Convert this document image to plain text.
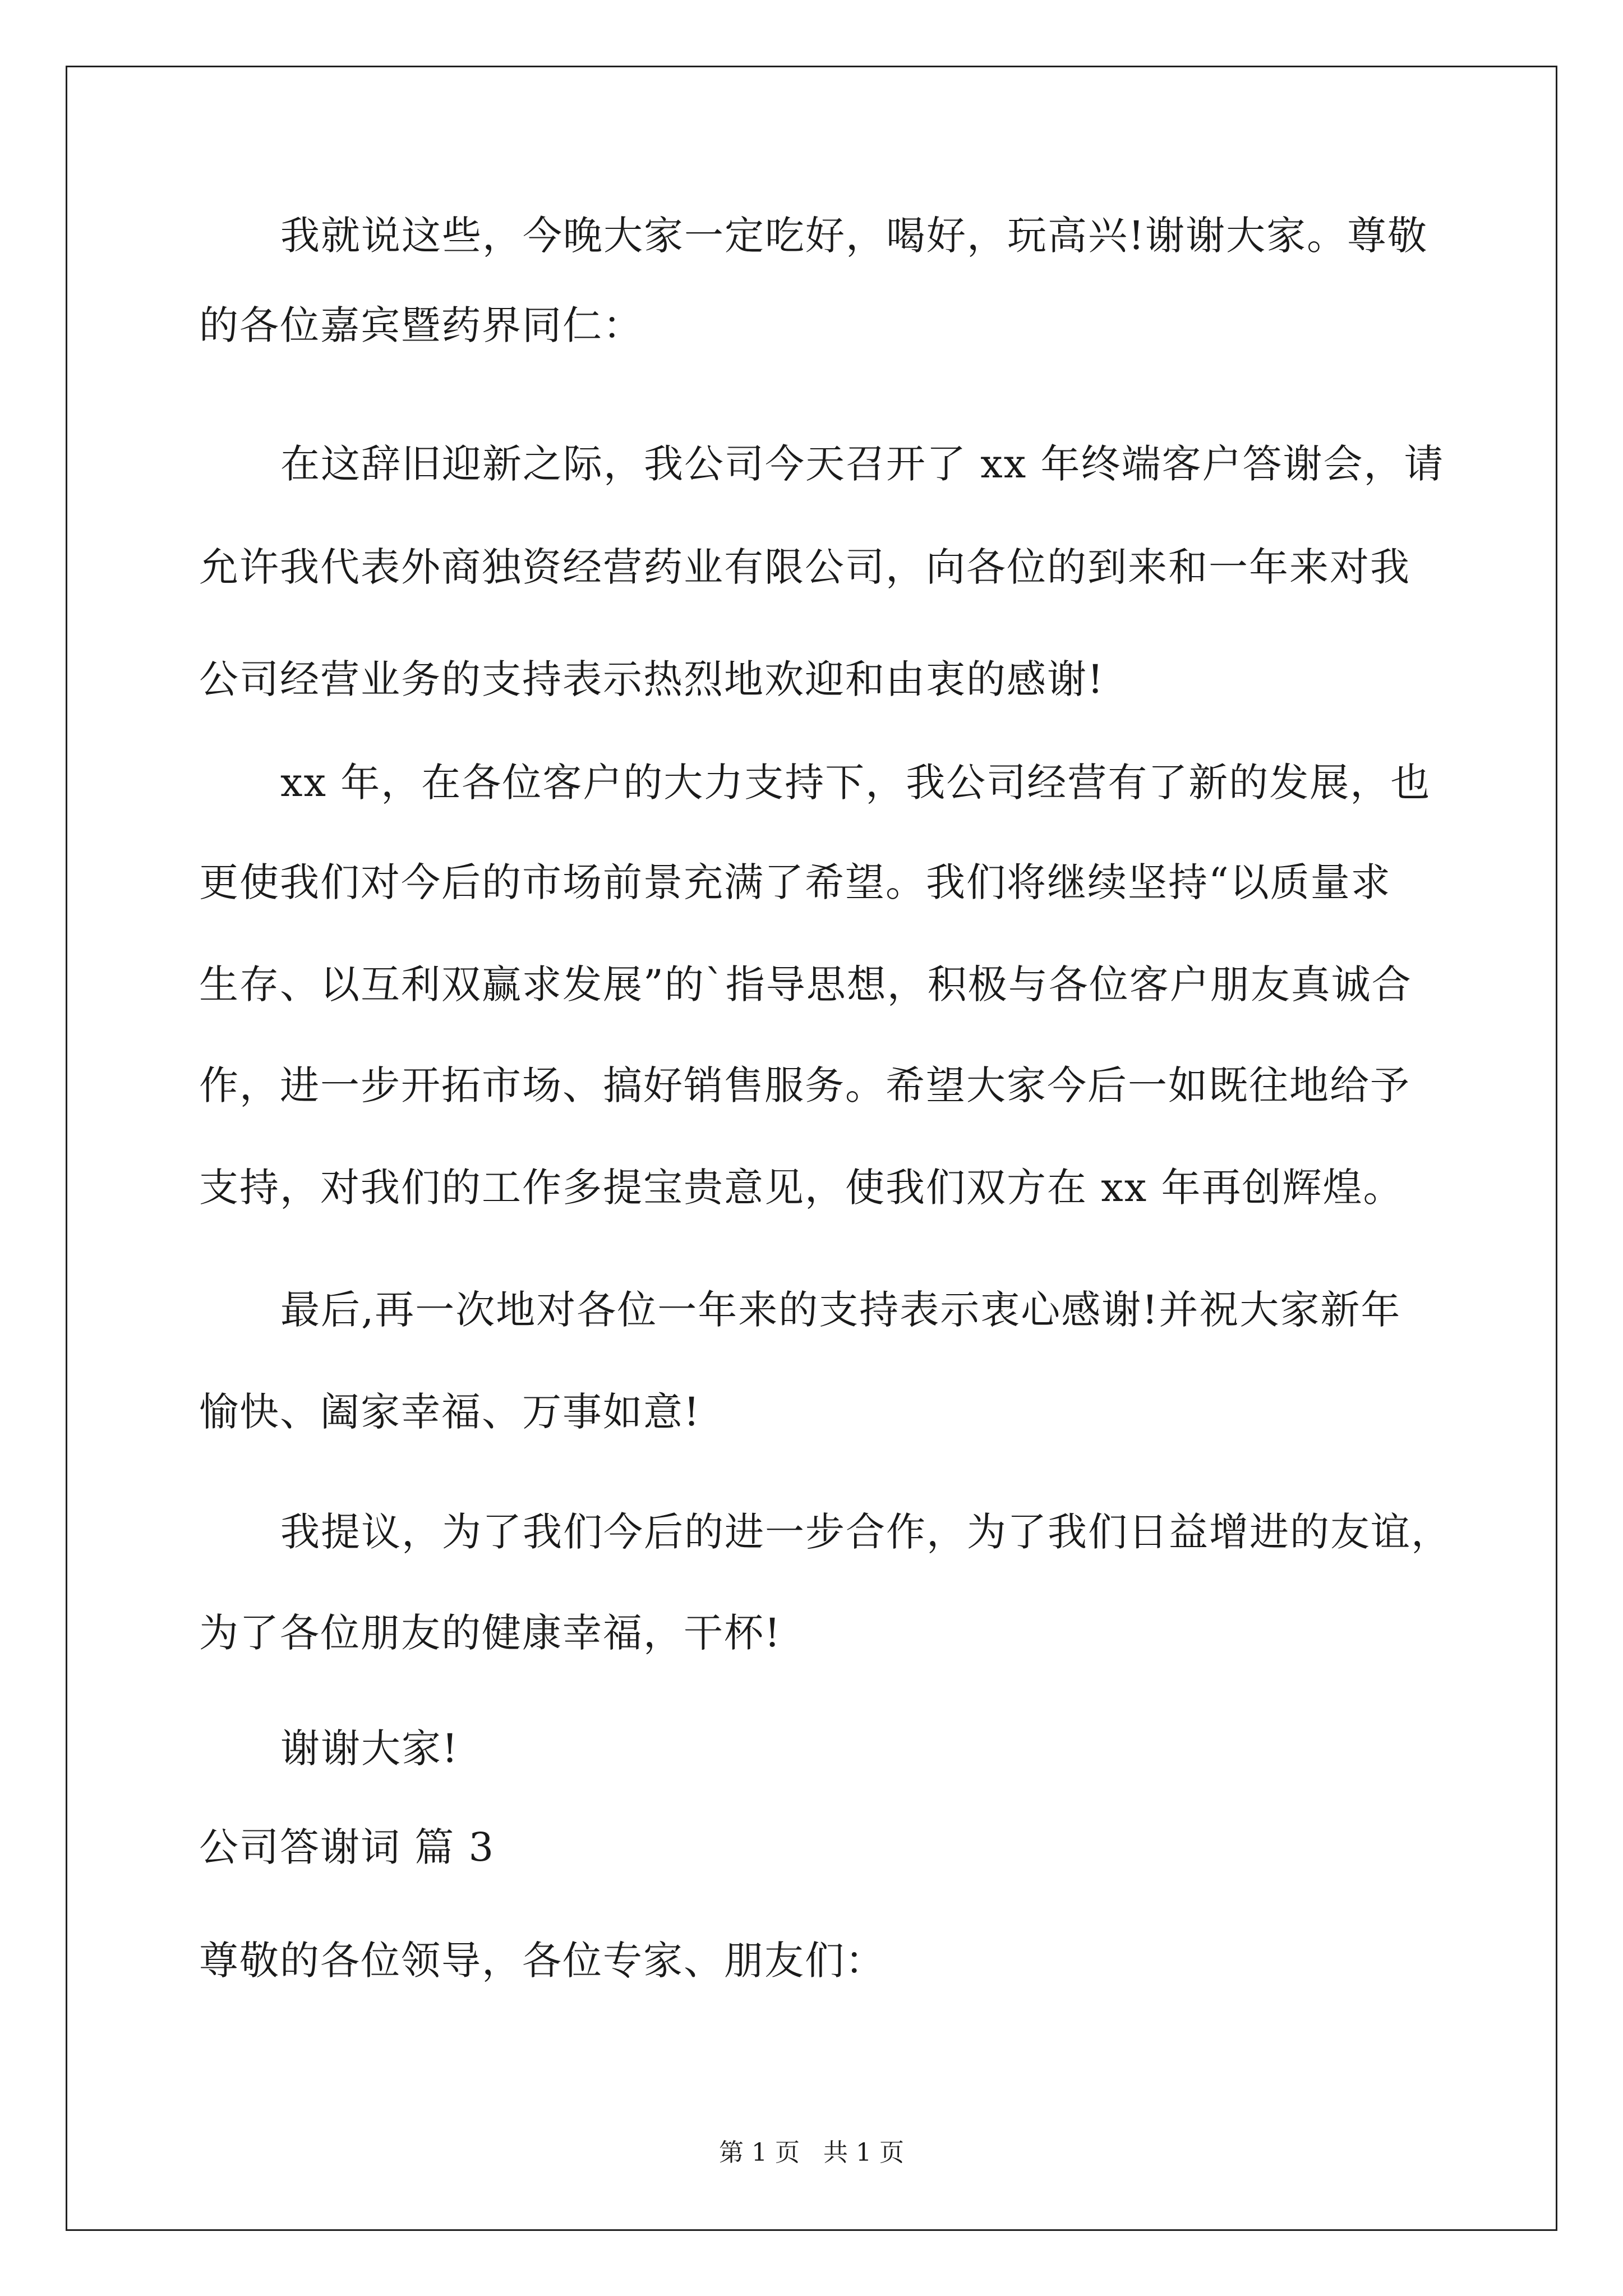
我就说这些，今晚大家一定吃好，喝好，玩高兴!谢谢大家。尊敬
的各位嘉宾暨药界同仁：
在这辞旧迎新之际，我公司今天召开了 xx 年终端客户答谢会，请
允许我代表外商独资经营药业有限公司，向各位的到来和一年来对我
公司经营业务的支持表示热烈地欢迎和由衷的感谢!
xx 年，在各位客户的大力支持下，我公司经营有了新的发展，也
更使我们对今后的市场前景充满了希望。我们将继续坚持“以质量求
生存、以互利双赢求发展”的`指导思想，积极与各位客户朋友真诚合
作，进一步开拓市场、搞好销售服务。希望大家今后一如既往地给予
支持，对我们的工作多提宝贵意见，使我们双方在 xx 年再创辉煌。
最后,再一次地对各位一年来的支持表示衷心感谢!并祝大家新年
愉快、阖家幸福、万事如意!
我提议，为了我们今后的进一步合作，为了我们日益增进的友谊，
为了各位朋友的健康幸福，干杯!
谢谢大家!
公司答谢词 篇 3
尊敬的各位领导，各位专家、朋友们：
第 1 页   共 1 页
